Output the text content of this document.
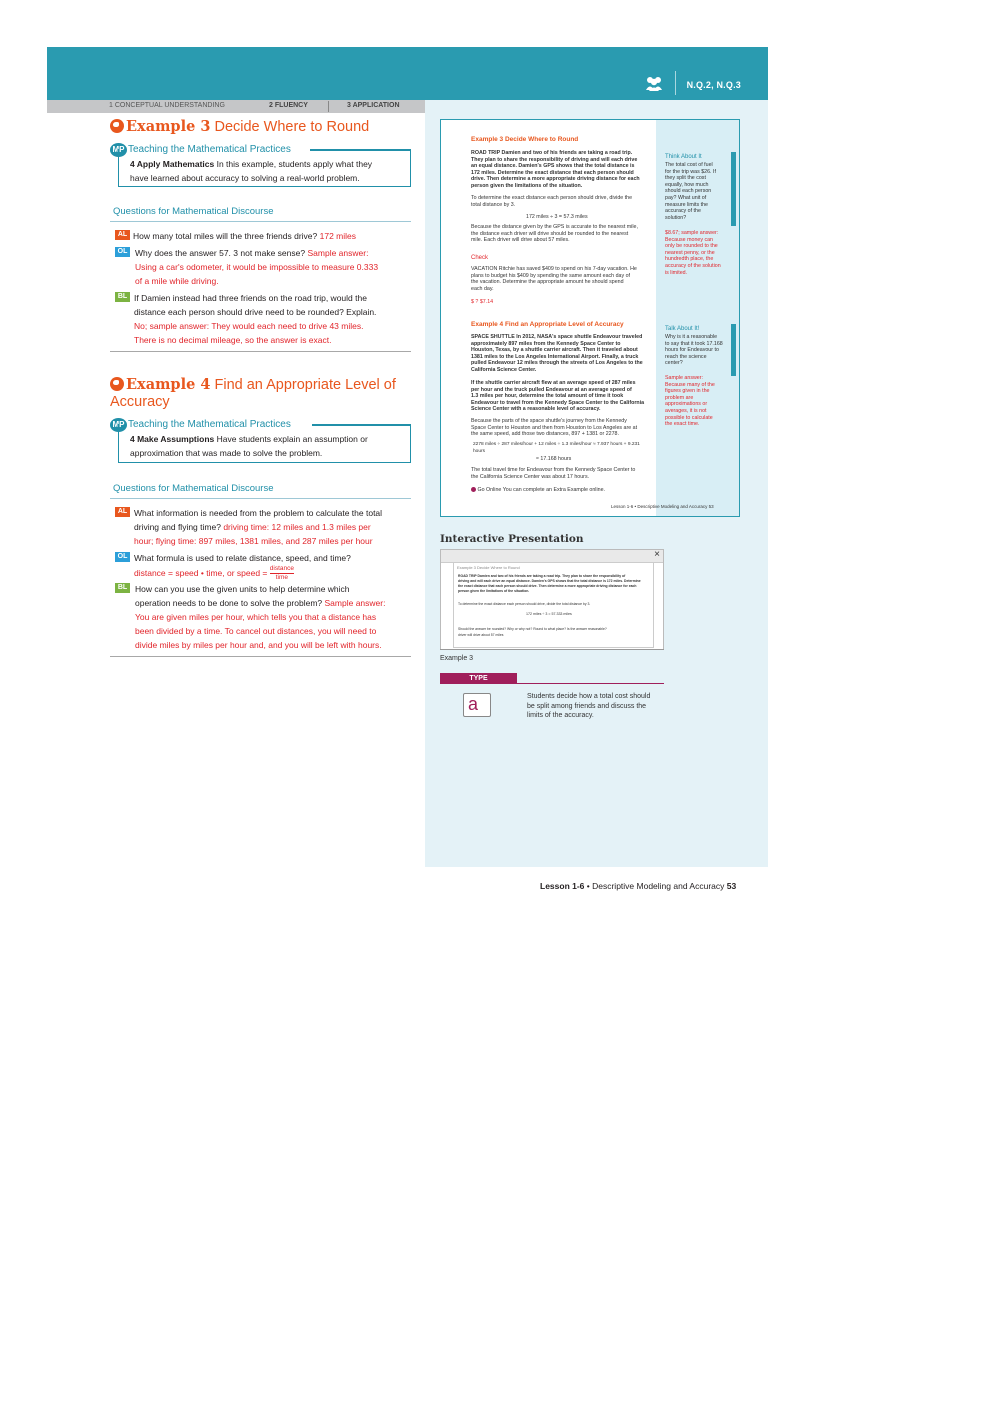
N.Q.2, N.Q.3
1 CONCEPTUAL UNDERSTANDING	2 FLUENCY	3 APPLICATION
Example 3 Decide Where to Round
MP Teaching the Mathematical Practices
4 Apply Mathematics In this example, students apply what they
have learned about accuracy to solving a real-world problem.
Questions for Mathematical Discourse
AL How many total miles will the three friends drive? 172 miles
OL Why does the answer 57. 3 not make sense? Sample answer:
Using a car's odometer, it would be impossible to measure 0.333
of a mile while driving.
BL If Damien instead had three friends on the road trip, would the
distance each person should drive need to be rounded? Explain.
No; sample answer: They would each need to drive 43 miles.
There is no decimal mileage, so the answer is exact.
Example 4 Find an Appropriate Level of
Accuracy
MP Teaching the Mathematical Practices
4 Make Assumptions Have students explain an assumption or
approximation that was made to solve the problem.
Questions for Mathematical Discourse
AL What information is needed from the problem to calculate the total
driving and flying time? driving time: 12 miles and 1.3 miles per
hour; flying time: 897 miles, 1381 miles, and 287 miles per hour
OL What formula is used to relate distance, speed, and time?
distance = speed • time, or speed = distance
time
BL How can you use the given units to help determine which
operation needs to be done to solve the problem? Sample answer:
You are given miles per hour, which tells you that a distance has
been divided by a time. To cancel out distances, you will need to
divide miles by miles per hour and, and you will be left with hours.
Example 3 Decide Where to Round
ROAD TRIP Damien and two of his friends are taking a road trip.
They plan to share the responsibility of driving and will each drive
an equal distance. Damien's GPS shows that the total distance is
172 miles. Determine the exact distance that each person should
drive. Then determine a more appropriate driving distance for each
person given the limitations of the situation.
To determine the exact distance each person should drive, divide the
total distance by 3.
172 miles ÷ 3 = 57.3 miles
Because the distance given by the GPS is accurate to the nearest mile,
the distance each driver will drive should be rounded to the nearest
mile. Each driver will drive about 57 miles.
Check
VACATION Ritchie has saved $409 to spend on his 7-day vacation. He
plans to budget his $409 by spending the same amount each day of
the vacation. Determine the appropriate amount he should spend
each day.
$ ? $7.14
Think About It
The total cost of fuel
for the trip was $26. If
they split the cost
equally, how much
should each person
pay? What unit of
measure limits the
accuracy of the
solution?
$8.67; sample answer:
Because money can
only be rounded to the
nearest penny, or the
hundredth place, the
accuracy of the solution
is limited.
Example 4 Find an Appropriate Level of Accuracy
SPACE SHUTTLE In 2012, NASA's space shuttle Endeavour traveled
approximately 897 miles from the Kennedy Space Center to
Houston, Texas, by a shuttle carrier aircraft. Then it traveled about
1381 miles to the Los Angeles International Airport. Finally, a truck
pulled Endeavour 12 miles through the streets of Los Angeles to the
California Science Center.
If the shuttle carrier aircraft flew at an average speed of 287 miles
per hour and the truck pulled Endeavour at an average speed of
1.3 miles per hour, determine the total amount of time it took
Endeavour to travel from the Kennedy Space Center to the California
Science Center with a reasonable level of accuracy.
Because the parts of the space shuttle's journey from the Kennedy
Space Center to Houston and then from Houston to Los Angeles are at
the same speed, add those two distances, 897 + 1381 or 2278.
2278 miles ÷ 287 miles/hour + 12 miles ÷ 1.3 miles/hour ≈ 7.937 hours + 9.231 hours
≈ 17.168 hours
The total travel time for Endeavour from the Kennedy Space Center to
the California Science Center was about 17 hours.
Go Online You can complete an Extra Example online.
Talk About It!
Why is it a reasonable
to say that it took 17.168
hours for Endeavour to
reach the science
center?
Sample answer:
Because many of the
figures given in the
problem are
approximations or
averages, it is not
possible to calculate
the exact time.
Lesson 1-6 • Descriptive Modeling and Accuracy 53
Interactive Presentation
×
Example 3 Decide Where to Round
ROAD TRIP Damien and two of his friends are taking a road trip. They plan to share the responsibility of
driving and will each drive an equal distance. Damien's GPS shows that the total distance is 172 miles. Determine
the exact distance that each person should drive. Then determine a more appropriate driving distance for each
person given the limitations of the situation.
To determine the exact distance each person should drive, divide the total distance by 3.
172 miles ÷ 3 = 57.333 miles
Should the answer be rounded? Why or why not? Round to what place? Is the answer reasonable?
driver will drive about 57 miles
Example 3
TYPE
a	Students decide how a total cost should be split among friends and discuss the limits of the accuracy.
Lesson 1-6 • Descriptive Modeling and Accuracy 53
